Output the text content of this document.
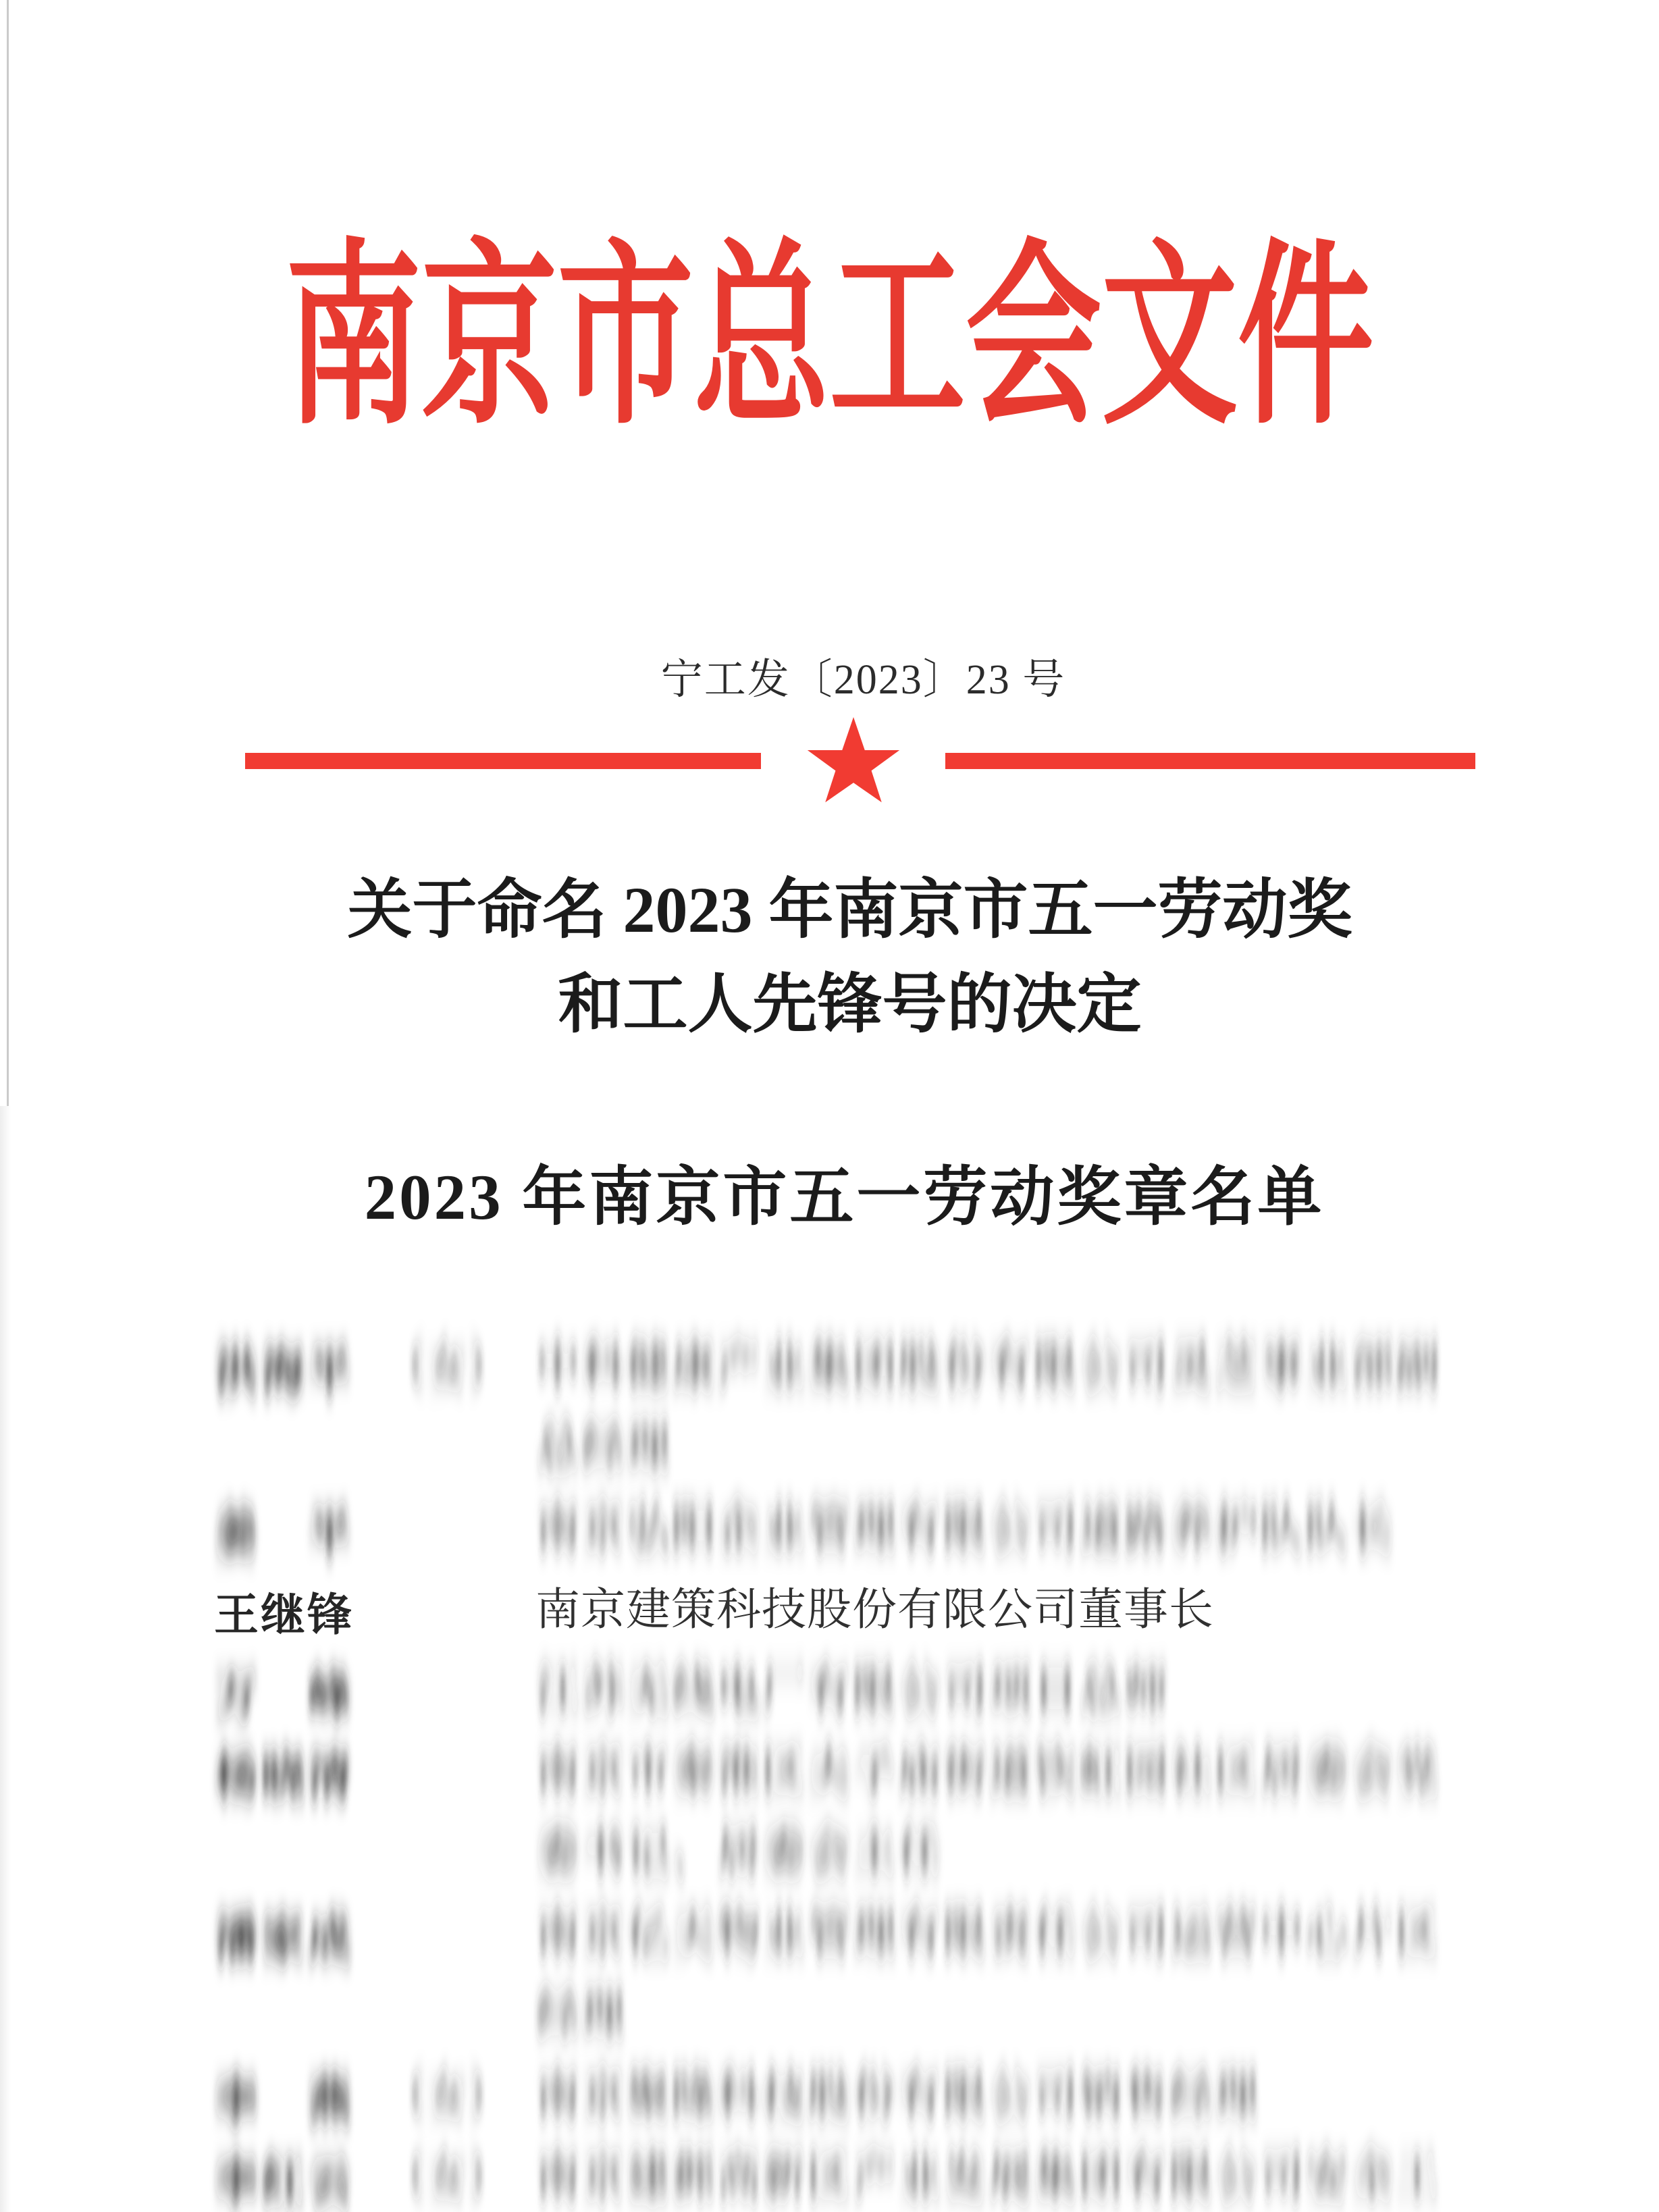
南京市总工会文件
宁工发〔2023〕23 号
关于命名 2023 年南京市五一劳动奖
和工人先锋号的决定
2023 年南京市五一劳动奖章名单
洪 海 平 （女） 中科健康产业集团股份有限公司灵芝事业部副
总经理
姜 平	南京弘阳企业管理有限公司道路养护队队长
王 继 锋	南京建策科技股份有限公司董事长
万 峰	江苏无线电厂有限公司项目总师
杨 晓 清	南京市秦淮区夫子庙街道饮虹园社区居委会党
委书记、居委会主任
潘 家 成	南京亿天物业管理有限责任公司运营中心片区
经理
李 燕 （女） 南京聚隆科技股份有限公司销售经理
李 红 云 （女） 南京建邺高新区产业发展集团有限公司安全工
